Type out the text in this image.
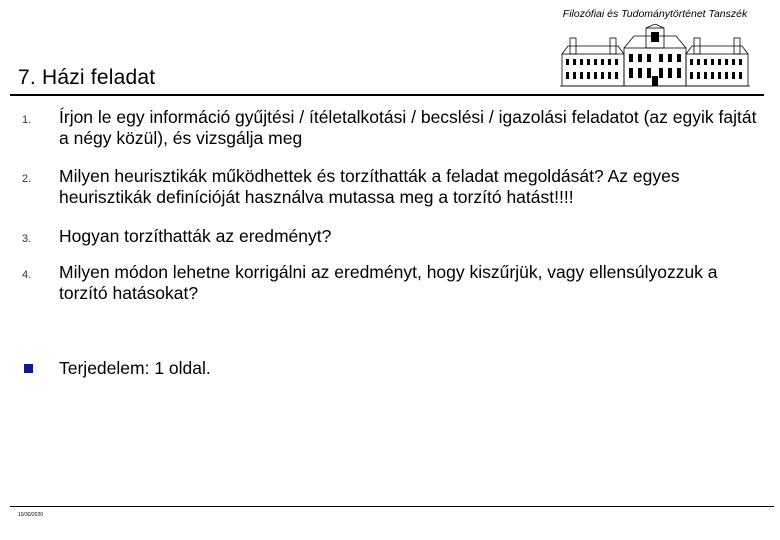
7. Házi feladat
Filozófiai és Tudománytörténet Tanszék
1. Írjon le egy információ gyűjtési / ítéletalkotási / becslési / igazolási feladatot (az egyik fajtát a négy közül), és vizsgálja meg
2. Milyen heurisztikák működhettek és torzíthatták a feladat megoldását? Az egyes heurisztikák definícióját használva mutassa meg a torzító hatást!!!!
3. Hogyan torzíthatták az eredményt?
4. Milyen módon lehetne korrigálni az eredményt, hogy kiszűrjük, vagy ellensúlyozzuk a torzító hatásokat?
Terjedelem: 1 oldal.
10/30/2020
